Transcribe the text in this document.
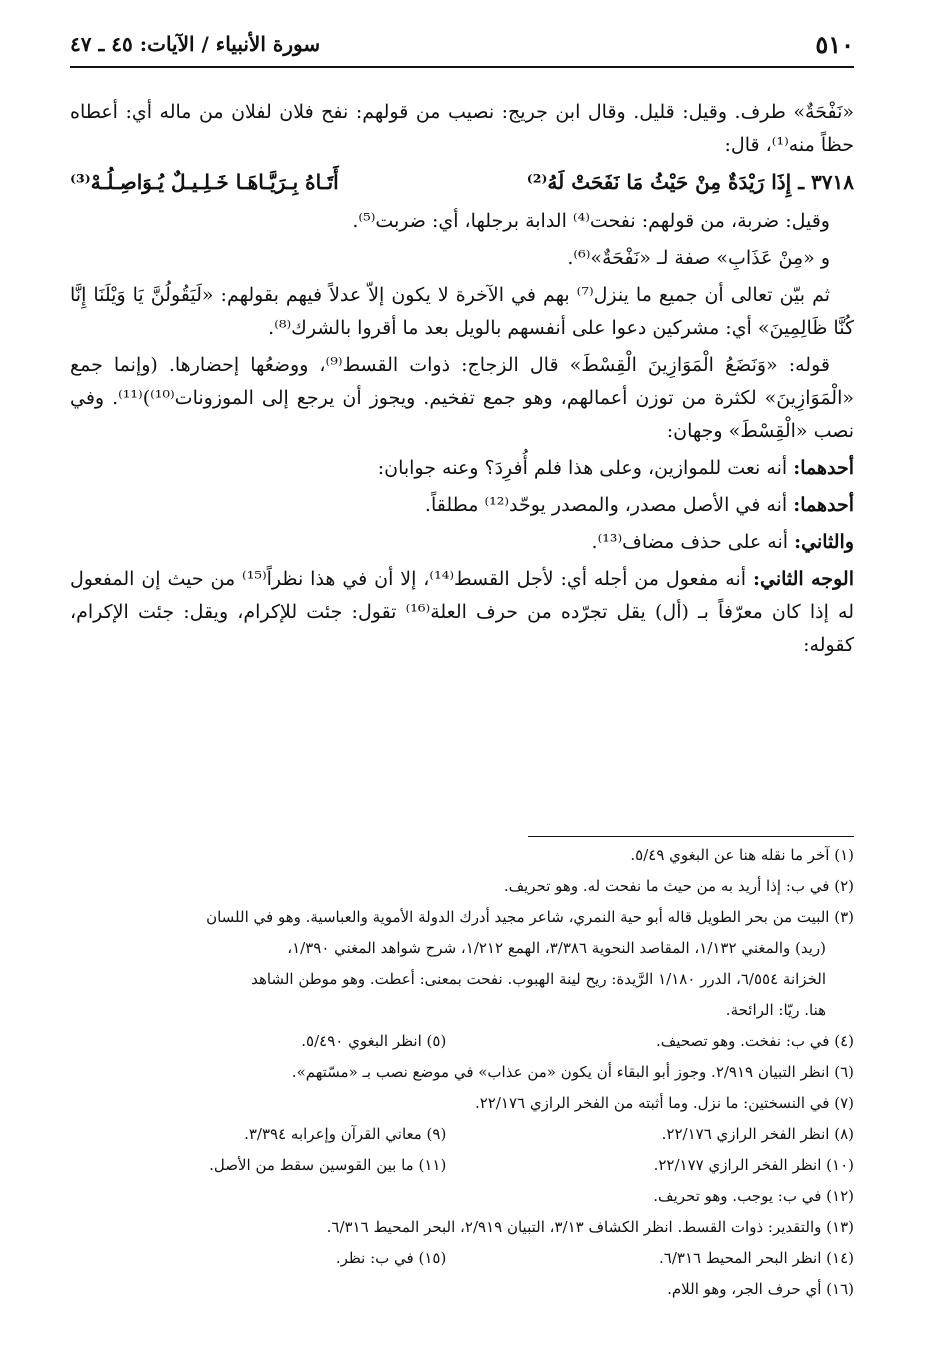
٥١٠
سورة الأنبياء / الآيات: ٤٥ ـ ٤٧

«نَفْحَةٌ» طرف. وقيل: قليل. وقال ابن جريج: نصيب من قولهم: نفح فلان لفلان من ماله أي: أعطاه حظاً منه⁽¹⁾، قال:

٣٧١٨ ـ إِذَا رَيْدَةٌ مِنْ حَيْثُ مَا نَفَحَتْ لَهُ⁽²⁾
أَتَـاهُ بِـرَيَّـاهَـا خَـلِـيـلٌ يُـوَاصِـلُـهْ⁽³⁾

وقيل: ضربة، من قولهم: نفحت⁽⁴⁾ الدابة برجلها، أي: ضربت⁽⁵⁾.

و «مِنْ عَذَابِ» صفة لـ «نَفْحَةٌ»⁽⁶⁾.

ثم بيّن تعالى أن جميع ما ينزل⁽⁷⁾ بهم في الآخرة لا يكون إلاّ عدلاً فيهم بقولهم: «لَيَقُولُنَّ يَا وَيْلَنَا إِنَّا كُنَّا ظَالِمِينَ» أي: مشركين دعوا على أنفسهم بالويل بعد ما أقروا بالشرك⁽⁸⁾.

قوله: «وَنَضَعُ الْمَوَازِينَ الْقِسْطَ» قال الزجاج: ذوات القسط⁽⁹⁾، ووضعُها إحضارها. (وإنما جمع «الْمَوَازِينَ» لكثرة من توزن أعمالهم، وهو جمع تفخيم. ويجوز أن يرجع إلى الموزونات⁽¹⁰⁾)⁽¹¹⁾. وفي نصب «الْقِسْطَ» وجهان:

أحدهما: أنه نعت للموازين، وعلى هذا فلم أُفرِدَ؟ وعنه جوابان:

أحدهما: أنه في الأصل مصدر، والمصدر يوحّد⁽¹²⁾ مطلقاً.

والثاني: أنه على حذف مضاف⁽¹³⁾.

الوجه الثاني: أنه مفعول من أجله أي: لأجل القسط⁽¹⁴⁾، إلا أن في هذا نظراً⁽¹⁵⁾ من حيث إن المفعول له إذا كان معرّفاً بـ (أل) يقل تجرّده من حرف العلة⁽¹⁶⁾ تقول: جئت للإكرام، ويقل: جئت الإكرام، كقوله:

(١) آخر ما نقله هنا عن البغوي ٥/٤٩.

(٢) في ب: إذا أريد به من حيث ما نفحت له. وهو تحريف.

(٣) البيت من بحر الطويل قاله أبو حية النمري، شاعر مجيد أدرك الدولة الأموية والعباسية. وهو في اللسان

(ريد) والمغني ١/١٣٢، المقاصد النحوية ٣/٣٨٦، الهمع ١/٢١٢، شرح شواهد المغني ١/٣٩٠،

الخزانة ٦/٥٥٤، الدرر ١/١٨٠ الرَّيدة: ريح لينة الهبوب. نفحت بمعنى: أعطت. وهو موطن الشاهد

هنا. ريّا: الرائحة.

(٤) في ب: نفخت. وهو تصحيف.

(٥) انظر البغوي ٥/٤٩٠.

(٦) انظر التبيان ٢/٩١٩. وجوز أبو البقاء أن يكون «من عذاب» في موضع نصب بـ «مسّتهم».

(٧) في النسختين: ما نزل. وما أثبته من الفخر الرازي ٢٢/١٧٦.

(٨) انظر الفخر الرازي ٢٢/١٧٦.

(٩) معاني القرآن وإعرابه ٣/٣٩٤.

(١٠) انظر الفخر الرازي ٢٢/١٧٧.

(١١) ما بين القوسين سقط من الأصل.

(١٢) في ب: يوجب. وهو تحريف.

(١٣) والتقدير: ذوات القسط. انظر الكشاف ٣/١٣، التبيان ٢/٩١٩، البحر المحيط ٦/٣١٦.

(١٤) انظر البحر المحيط ٦/٣١٦.

(١٥) في ب: نظر.

(١٦) أي حرف الجر، وهو اللام.
